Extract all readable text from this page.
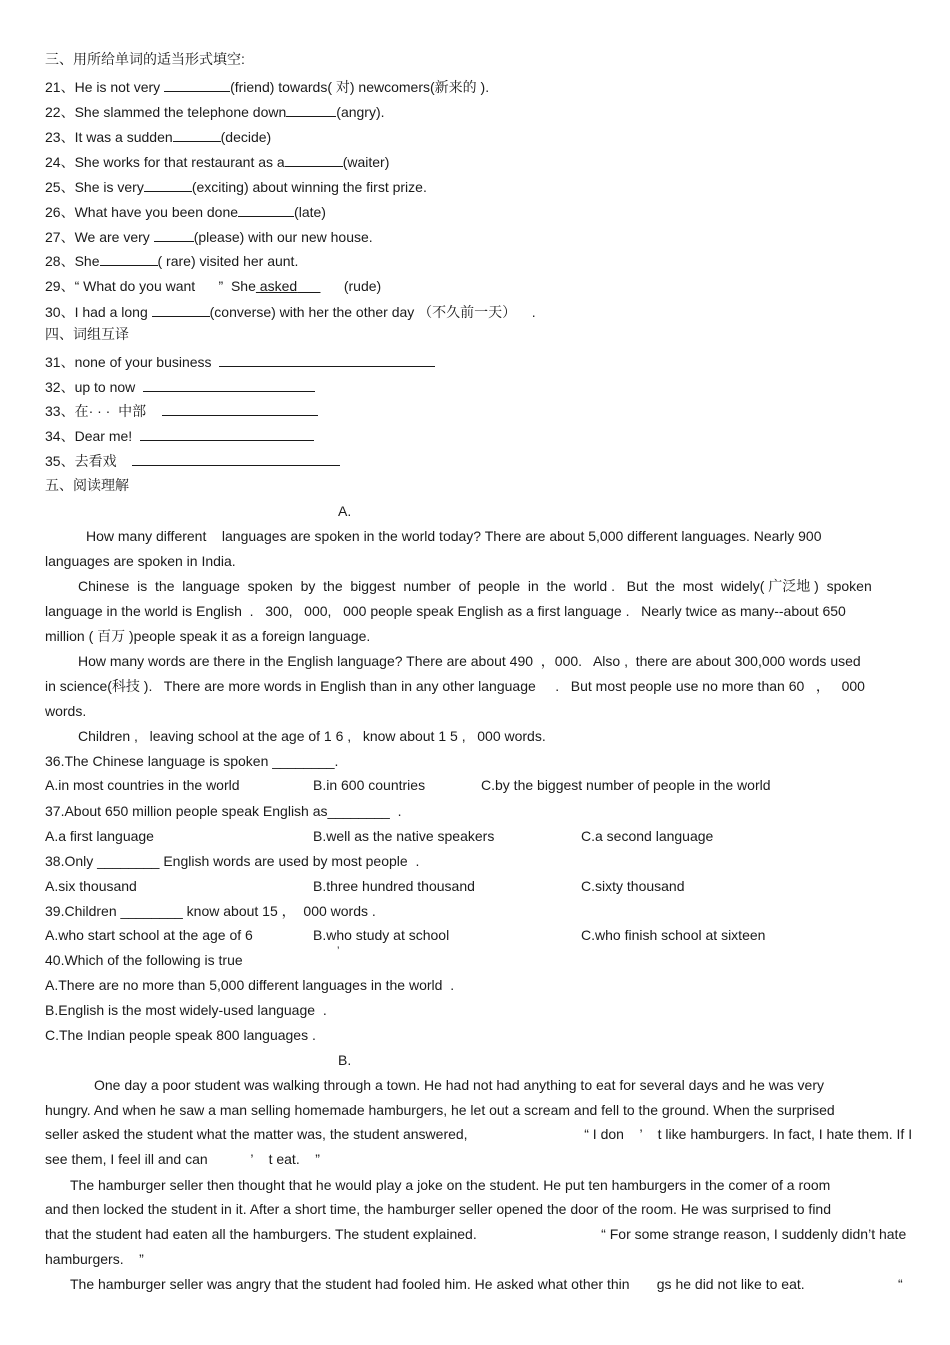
三、用所给单词的适当形式填空:
21、He is not very	(friend) towards( 对) newcomers(新来的 ).
22、She slammed the telephone down	(angry).
23、It was a sudden	(decide)
24、She works for that restaurant as a	(waiter)
25、She is very	(exciting) about winning the first prize.
26、What have you been done	(late)
27、We are very	(please) with our new house.
28、She	( rare) visited her aunt.
29、“ What do you want      ”  She asked	(rude)
30、I had a long	(converse) with her the other day （不久前一天）    .
四、词组互译
31、none of your business
32、up to now
33、在· · ·  中部
34、Dear me!
35、去看戏
五、阅读理解
A.
How many different    languages are spoken in the world today? There are about 5,000 different languages. Nearly 900
languages are spoken in India.
Chinese  is  the  language  spoken  by  the  biggest  number  of  people  in  the  world .   But  the  most  widely( 广泛地 )  spoken
language in the world is English  .   300,   000,   000 people speak English as a first language .   Nearly twice as many--about 650
million ( 百万 )people speak it as a foreign language.
How many words are there in the English language? There are about 490  ，000.   Also ,  there are about 300,000 words used
in science(科技 ).   There are more words in English than in any other language     .   But most people use no more than 60   ，   000
words.
Children ,   leaving school at the age of 1 6 ,   know about 1 5 ,   000 words.
36.The Chinese language is spoken ________.
A.in most countries in the world	B.in 600 countries	C.by the biggest number of people in the world
37.About 650 million people speak English as________  .
A.a first language	B.well as the native speakers	C.a second language
38.Only ________ English words are used by most people  .
A.six thousand	B.three hundred thousand	C.sixty thousand
39.Children ________ know about 15 ，  000 words .
A.who start school at the age of 6	B.who study at school	C.who finish school at sixteen
’
40.Which of the following is true
A.There are no more than 5,000 different languages in the world  .
B.English is the most widely-used language  .
C.The Indian people speak 800 languages .
B.
One day a poor student was walking through a town. He had not had anything to eat for several days and he was very
hungry. And when he saw a man selling homemade hamburgers, he let out a scream and fell to the ground. When the surprised
seller asked the student what the matter was, the student answered,                              “ I don    ’    t like hamburgers. In fact, I hate them. If I
see them, I feel ill and can           ’    t eat.    ”
The hamburger seller then thought that he would play a joke on the student. He put ten hamburgers in the comer of a room
and then locked the student in it. After a short time, the hamburger seller opened the door of the room. He was surprised to find
that the student had eaten all the hamburgers. The student explained.                                “ For some strange reason, I suddenly didn’t hate
hamburgers.    ”
The hamburger seller was angry that the student had fooled him. He asked what other thin       gs he did not like to eat.                        “
